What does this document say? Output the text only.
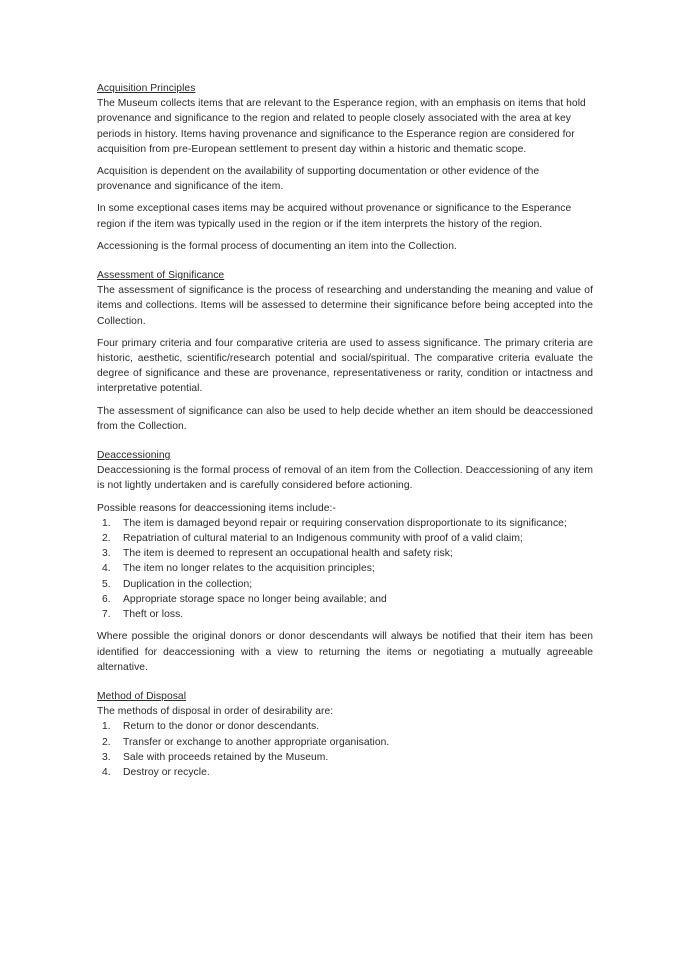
Acquisition Principles

The Museum collects items that are relevant to the Esperance region, with an emphasis on items that hold provenance and significance to the region and related to people closely associated with the area at key periods in history. Items having provenance and significance to the Esperance region are considered for acquisition from pre-European settlement to present day within a historic and thematic scope.

Acquisition is dependent on the availability of supporting documentation or other evidence of the provenance and significance of the item.

In some exceptional cases items may be acquired without provenance or significance to the Esperance region if the item was typically used in the region or if the item interprets the history of the region.

Accessioning is the formal process of documenting an item into the Collection.

Assessment of Significance

The assessment of significance is the process of researching and understanding the meaning and value of items and collections. Items will be assessed to determine their significance before being accepted into the Collection.

Four primary criteria and four comparative criteria are used to assess significance. The primary criteria are historic, aesthetic, scientific/research potential and social/spiritual. The comparative criteria evaluate the degree of significance and these are provenance, representativeness or rarity, condition or intactness and interpretative potential.

The assessment of significance can also be used to help decide whether an item should be deaccessioned from the Collection.

Deaccessioning

Deaccessioning is the formal process of removal of an item from the Collection. Deaccessioning of any item is not lightly undertaken and is carefully considered before actioning.

Possible reasons for deaccessioning items include:-

1.	The item is damaged beyond repair or requiring conservation disproportionate to its significance;
2.	Repatriation of cultural material to an Indigenous community with proof of a valid claim;
3.	The item is deemed to represent an occupational health and safety risk;
4.	The item no longer relates to the acquisition principles;
5.	Duplication in the collection;
6.	Appropriate storage space no longer being available; and
7.	Theft or loss.

Where possible the original donors or donor descendants will always be notified that their item has been identified for deaccessioning with a view to returning the items or negotiating a mutually agreeable alternative.

Method of Disposal

The methods of disposal in order of desirability are:

1.	Return to the donor or donor descendants.
2.	Transfer or exchange to another appropriate organisation.
3.	Sale with proceeds retained by the Museum.
4.	Destroy or recycle.
